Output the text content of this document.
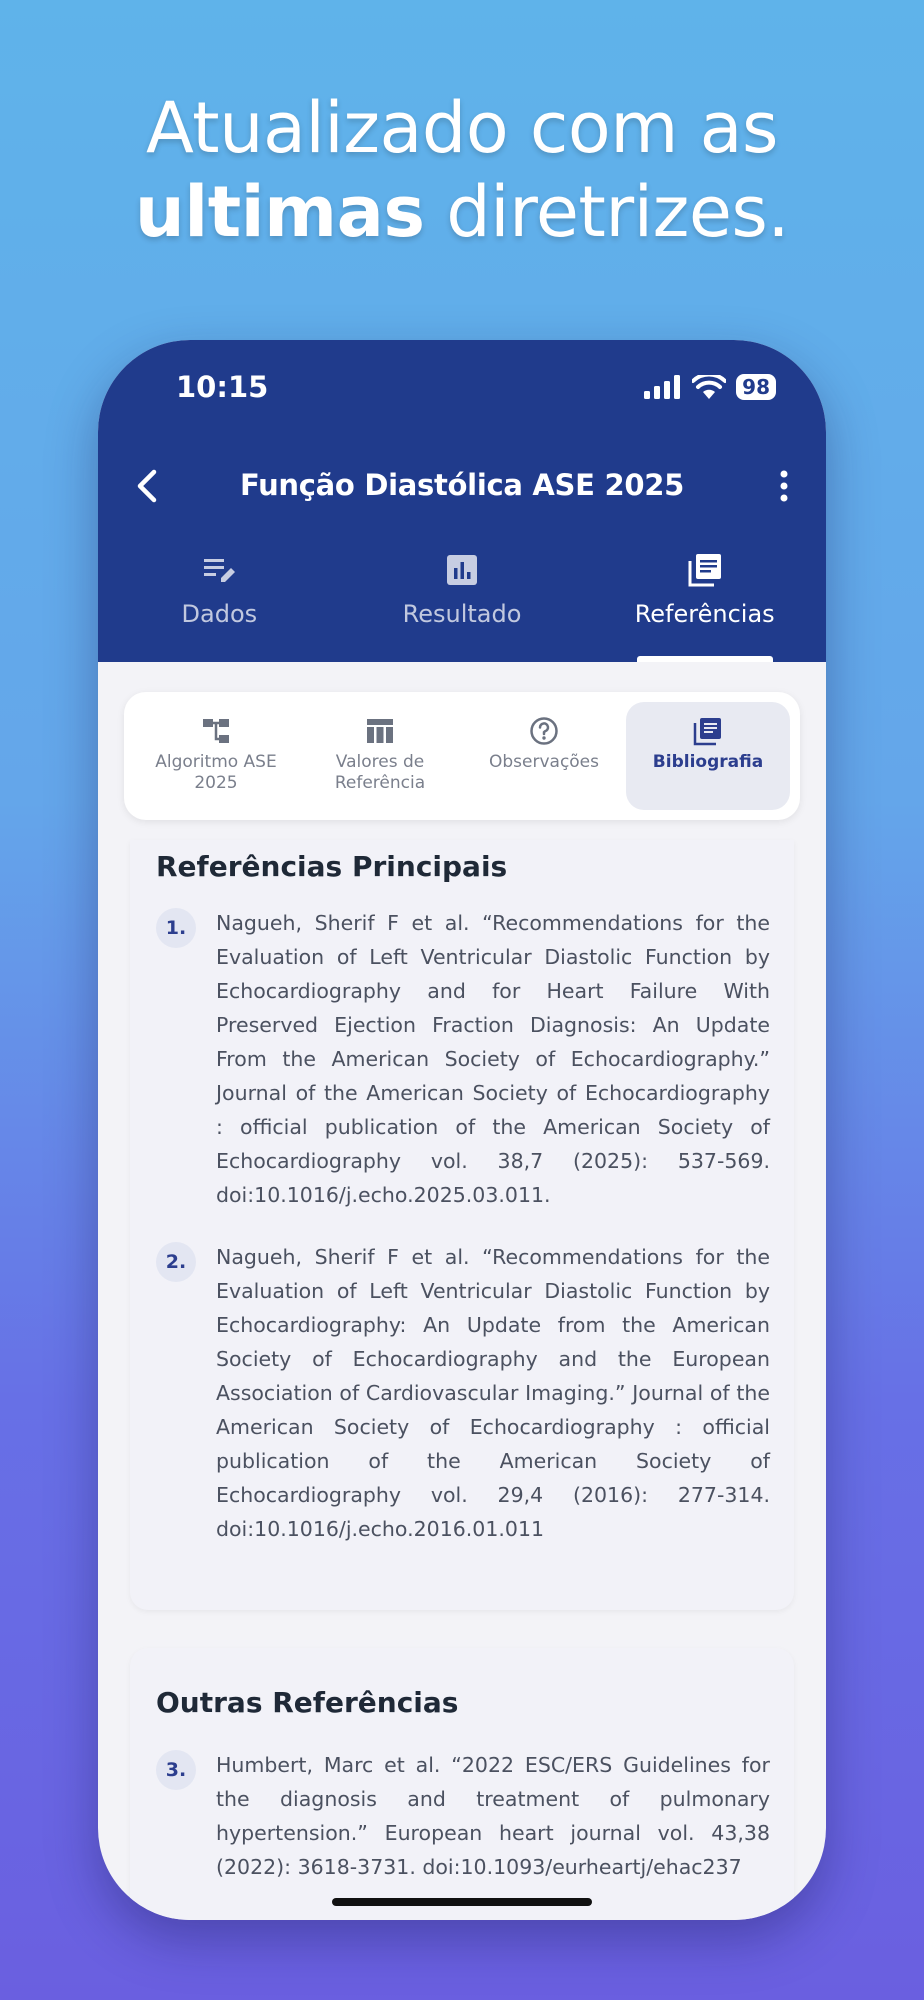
Atualizado com as
ultimas diretrizes.
10:15	98
Função Diastólica ASE 2025
Dados	Resultado	Referências
Algoritmo ASE 2025
Valores de Referência
Observações	Bibliografia
Referências Principais
1.	Nagueh, Sherif F et al. “Recommendations for the Evaluation of Left Ventricular Diastolic Function by Echocardiography and for Heart Failure With Preserved Ejection Fraction Diagnosis: An Update From the American Society of Echocardiography.” Journal of the American Society of Echocardiography : official publication of the American Society of Echocardiography vol. 38,7 (2025): 537-569. doi:10.1016/j.echo.2025.03.011.

2.	Nagueh, Sherif F et al. “Recommendations for the Evaluation of Left Ventricular Diastolic Function by Echocardiography: An Update from the American Society of Echocardiography and the European Association of Cardiovascular Imaging.” Journal of the American Society of Echocardiography : official publication of the American Society of Echocardiography vol. 29,4 (2016): 277-314. doi:10.1016/j.echo.2016.01.011

Outras Referências
3.	Humbert, Marc et al. “2022 ESC/ERS Guidelines for the diagnosis and treatment of pulmonary hypertension.” European heart journal vol. 43,38 (2022): 3618-3731. doi:10.1093/eurheartj/ehac237
